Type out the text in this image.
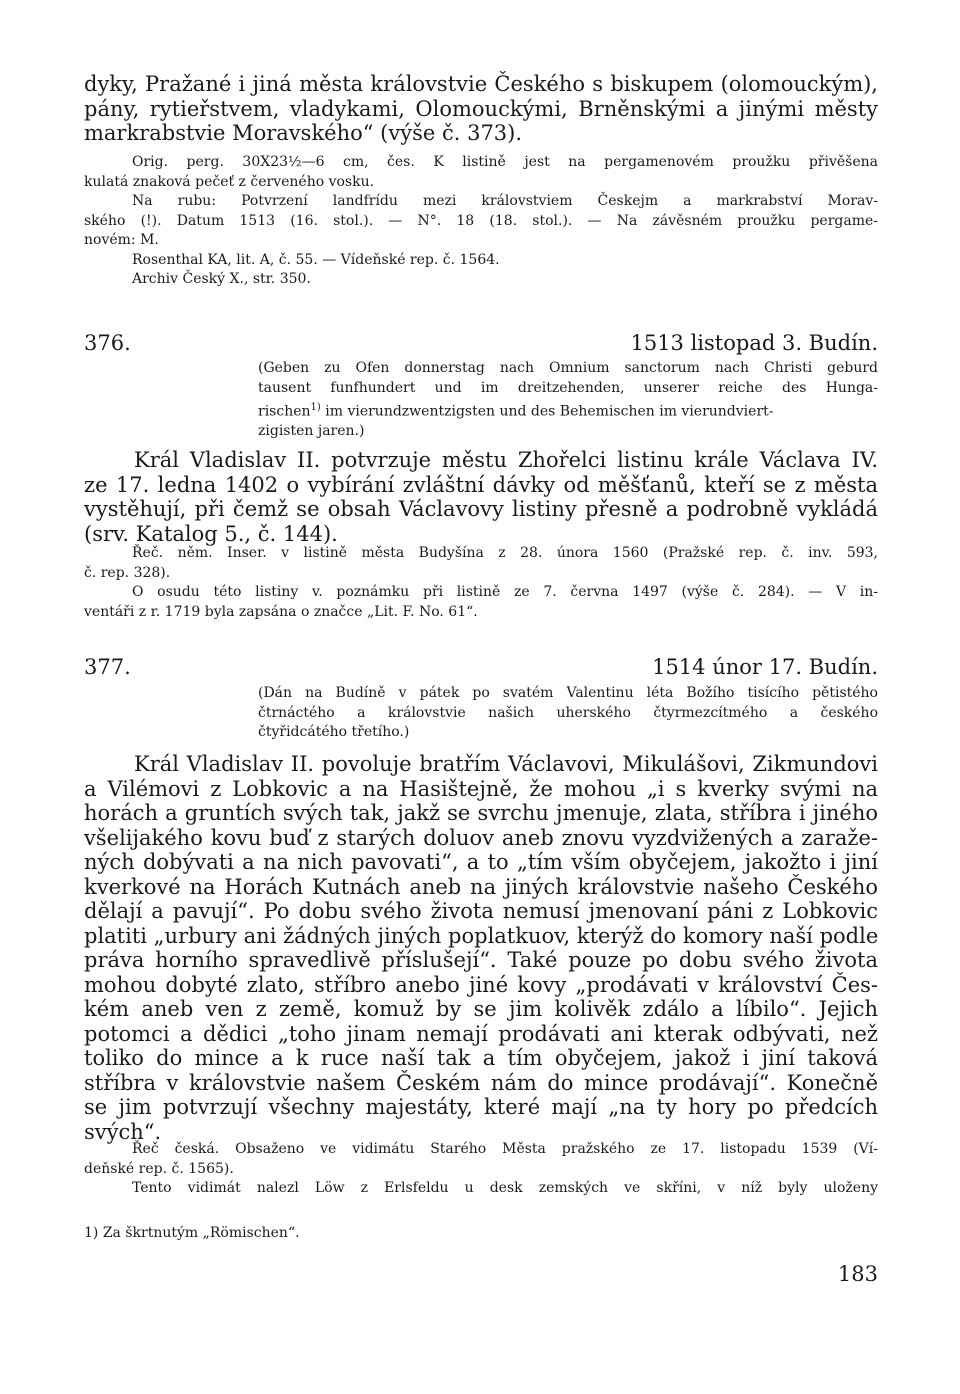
dyky, Pražané i jiná města královstvie Českého s biskupem (olomouckým),
pány, rytieřstvem, vladykami, Olomouckými, Brněnskými a jinými městy
markrabstvie Moravského“ (výše č. 373).
Orig. perg. 30X23½—6 cm, čes. K listině jest na pergamenovém proužku přivěšena
kulatá znaková pečeť z červeného vosku.
Na rubu: Potvrzení landfrídu mezi královstviem Českejm a markrabství Morav-
ského (!). Datum 1513 (16. stol.). — N°. 18 (18. stol.). — Na závěsném proužku pergame-
novém: M.
Rosenthal KA, lit. A, č. 55. — Vídeňské rep. č. 1564.
Archiv Český X., str. 350.
376.	1513 listopad 3. Budín.
(Geben zu Ofen donnerstag nach Omnium sanctorum nach Christi geburd
tausent funfhundert und im dreitzehenden, unserer reiche des Hunga-
rischen$^{1)}$ im vierundzwentzigsten und des Behemischen im vierundviert-
zigisten jaren.)
Král Vladislav II. potvrzuje městu Zhořelci listinu krále Václava IV.
ze 17. ledna 1402 o vybírání zvláštní dávky od měšťanů, kteří se z města
vystěhují, při čemž se obsah Václavovy listiny přesně a podrobně vykládá
(srv. Katalog 5., č. 144).
Řeč. něm. Inser. v listině města Budyšína z 28. února 1560 (Pražské rep. č. inv. 593,
č. rep. 328).
O osudu této listiny v. poznámku při listině ze 7. června 1497 (výše č. 284). — V in-
ventáři z r. 1719 byla zapsána o značce „Lit. F. No. 61“.
377.	1514 únor 17. Budín.
(Dán na Budíně v pátek po svatém Valentinu léta Božího tisícího pětistého
čtrnáctého a královstvie našich uherského čtyrmezcítmého a českého
čtyřidcátého třetího.)
Král Vladislav II. povoluje bratřím Václavovi, Mikulášovi, Zikmundovi
a Vilémovi z Lobkovic a na Hasištejně, že mohou „i s kverky svými na
horách a gruntích svých tak, jakž se svrchu jmenuje, zlata, stříbra i jiného
všelijakého kovu buď z starých doluov aneb znovu vyzdvižených a zaraže-
ných dobývati a na nich pavovati“, a to „tím vším obyčejem, jakožto i jiní
kverkové na Horách Kutnách aneb na jiných královstvie našeho Českého
dělají a pavují“. Po dobu svého života nemusí jmenovaní páni z Lobkovic
platiti „urbury ani žádných jiných poplatkuov, kterýž do komory naší podle
práva horního spravedlivě příslušejí“. Také pouze po dobu svého života
mohou dobyté zlato, stříbro anebo jiné kovy „prodávati v království Čes-
kém aneb ven z země, komuž by se jim kolivěk zdálo a líbilo“. Jejich
potomci a dědici „toho jinam nemají prodávati ani kterak odbývati, než
toliko do mince a k ruce naší tak a tím obyčejem, jakož i jiní taková
stříbra v královstvie našem Českém nám do mince prodávají“. Konečně
se jim potvrzují všechny majestáty, které mají „na ty hory po předcích
svých“.
Řeč česká. Obsaženo ve vidimátu Starého Města pražského ze 17. listopadu 1539 (Ví-
deňské rep. č. 1565).
Tento vidimát nalezl Löw z Erlsfeldu u desk zemských ve skříni, v níž byly uloženy
1) Za škrtnutým „Römischen“.
183
